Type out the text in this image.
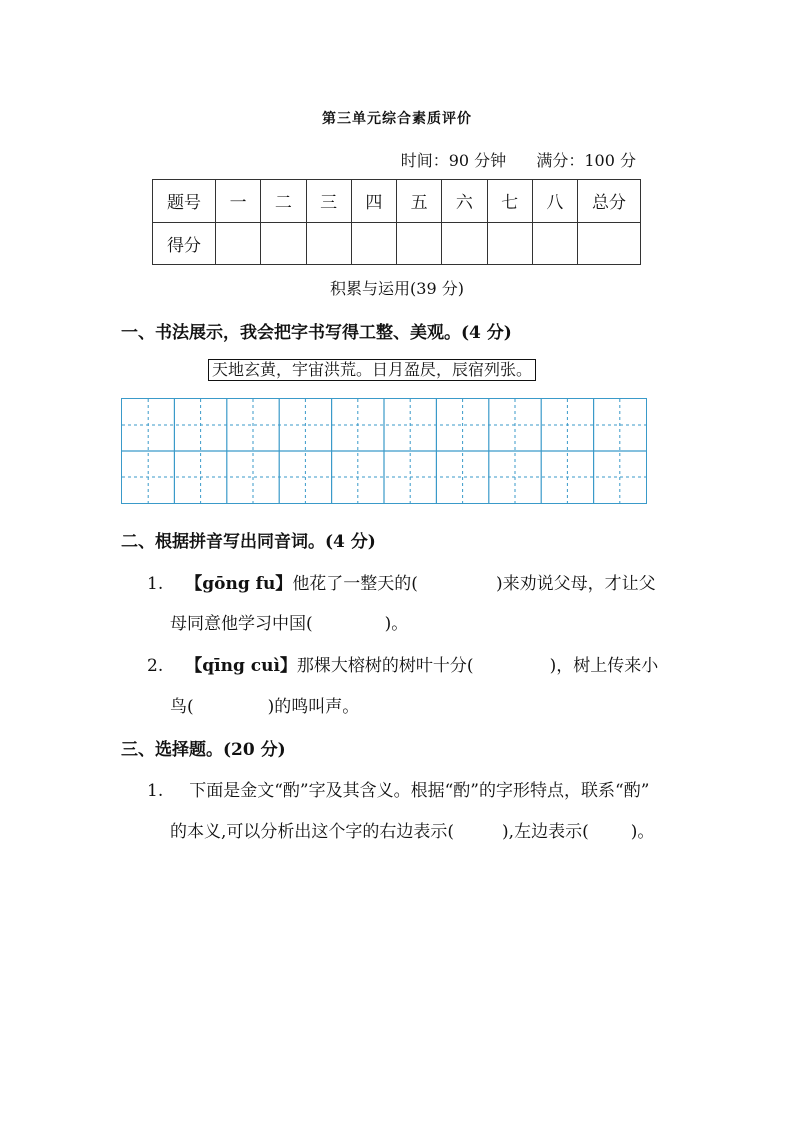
第三单元综合素质评价
时间：90 分钟 满分：100 分
题号	一	二	三	四	五	六	七	八	总分
得分									
积累与运用(39 分)
一、书法展示，我会把字书写得工整、美观。(4 分)
天地玄黄，宇宙洪荒。日月盈昃，辰宿列张。
二、根据拼音写出同音词。(4 分)
1. 【gōng fu】他花了一整天的(	)来劝说父母，才让父
母同意他学习中国(	)。
2. 【qīng cuì】那棵大榕树的树叶十分(	)，树上传来小
鸟(	)的鸣叫声。
三、选择题。(20 分)
1. 下面是金文“酌”字及其含义。根据“酌”的字形特点，联系“酌”
的本义,可以分析出这个字的右边表示(	),左边表示( )。
